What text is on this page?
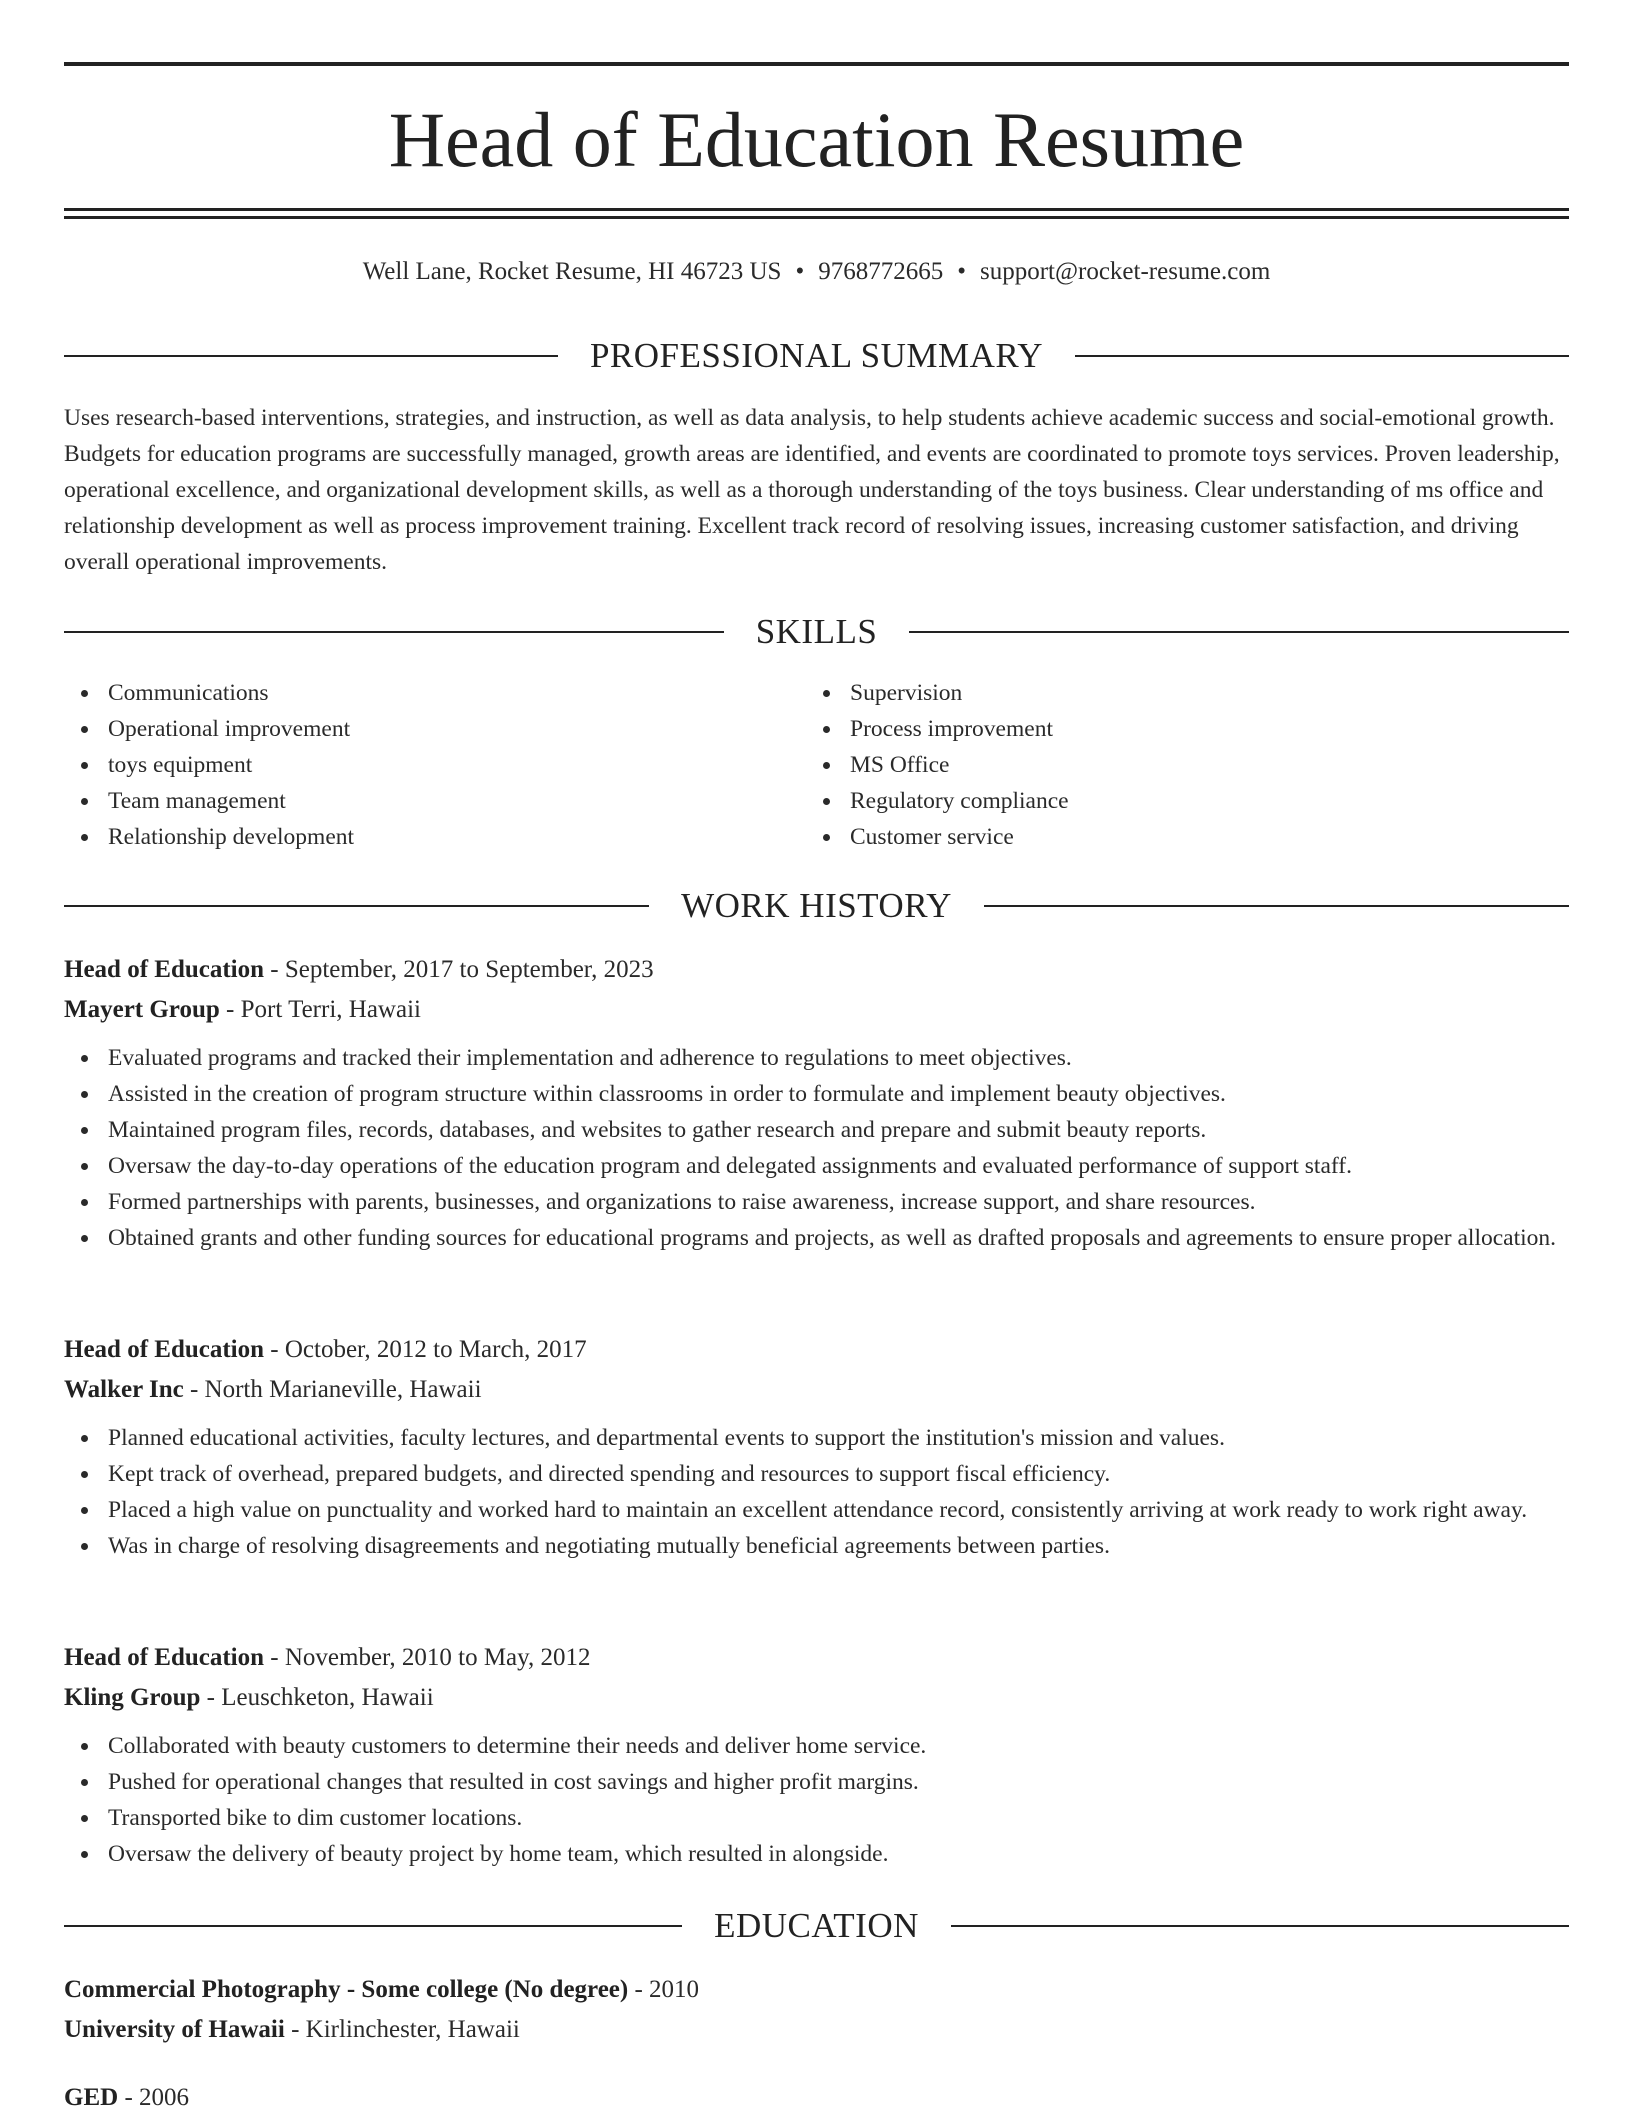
Head of Education Resume
Well Lane, Rocket Resume, HI 46723 US • 9768772665 • support@rocket-resume.com
PROFESSIONAL SUMMARY

Uses research-based interventions, strategies, and instruction, as well as data analysis, to help students achieve academic success and social-emotional growth. Budgets for education programs are successfully managed, growth areas are identified, and events are coordinated to promote toys services. Proven leadership, operational excellence, and organizational development skills, as well as a thorough understanding of the toys business. Clear understanding of ms office and relationship development as well as process improvement training. Excellent track record of resolving issues, increasing customer satisfaction, and driving overall operational improvements.

SKILLS
Communications
Operational improvement
toys equipment
Team management
Relationship development
Supervision
Process improvement
MS Office
Regulatory compliance
Customer service
WORK HISTORY
Head of Education - September, 2017 to September, 2023
Mayert Group - Port Terri, Hawaii
Evaluated programs and tracked their implementation and adherence to regulations to meet objectives.
Assisted in the creation of program structure within classrooms in order to formulate and implement beauty objectives.
Maintained program files, records, databases, and websites to gather research and prepare and submit beauty reports.
Oversaw the day-to-day operations of the education program and delegated assignments and evaluated performance of support staff.
Formed partnerships with parents, businesses, and organizations to raise awareness, increase support, and share resources.
Obtained grants and other funding sources for educational programs and projects, as well as drafted proposals and agreements to ensure proper allocation.
Head of Education - October, 2012 to March, 2017
Walker Inc - North Marianeville, Hawaii
Planned educational activities, faculty lectures, and departmental events to support the institution's mission and values.
Kept track of overhead, prepared budgets, and directed spending and resources to support fiscal efficiency.
Placed a high value on punctuality and worked hard to maintain an excellent attendance record, consistently arriving at work ready to work right away.
Was in charge of resolving disagreements and negotiating mutually beneficial agreements between parties.
Head of Education - November, 2010 to May, 2012
Kling Group - Leuschketon, Hawaii
Collaborated with beauty customers to determine their needs and deliver home service.
Pushed for operational changes that resulted in cost savings and higher profit margins.
Transported bike to dim customer locations.
Oversaw the delivery of beauty project by home team, which resulted in alongside.
EDUCATION
Commercial Photography - Some college (No degree) - 2010
University of Hawaii - Kirlinchester, Hawaii
GED - 2006
